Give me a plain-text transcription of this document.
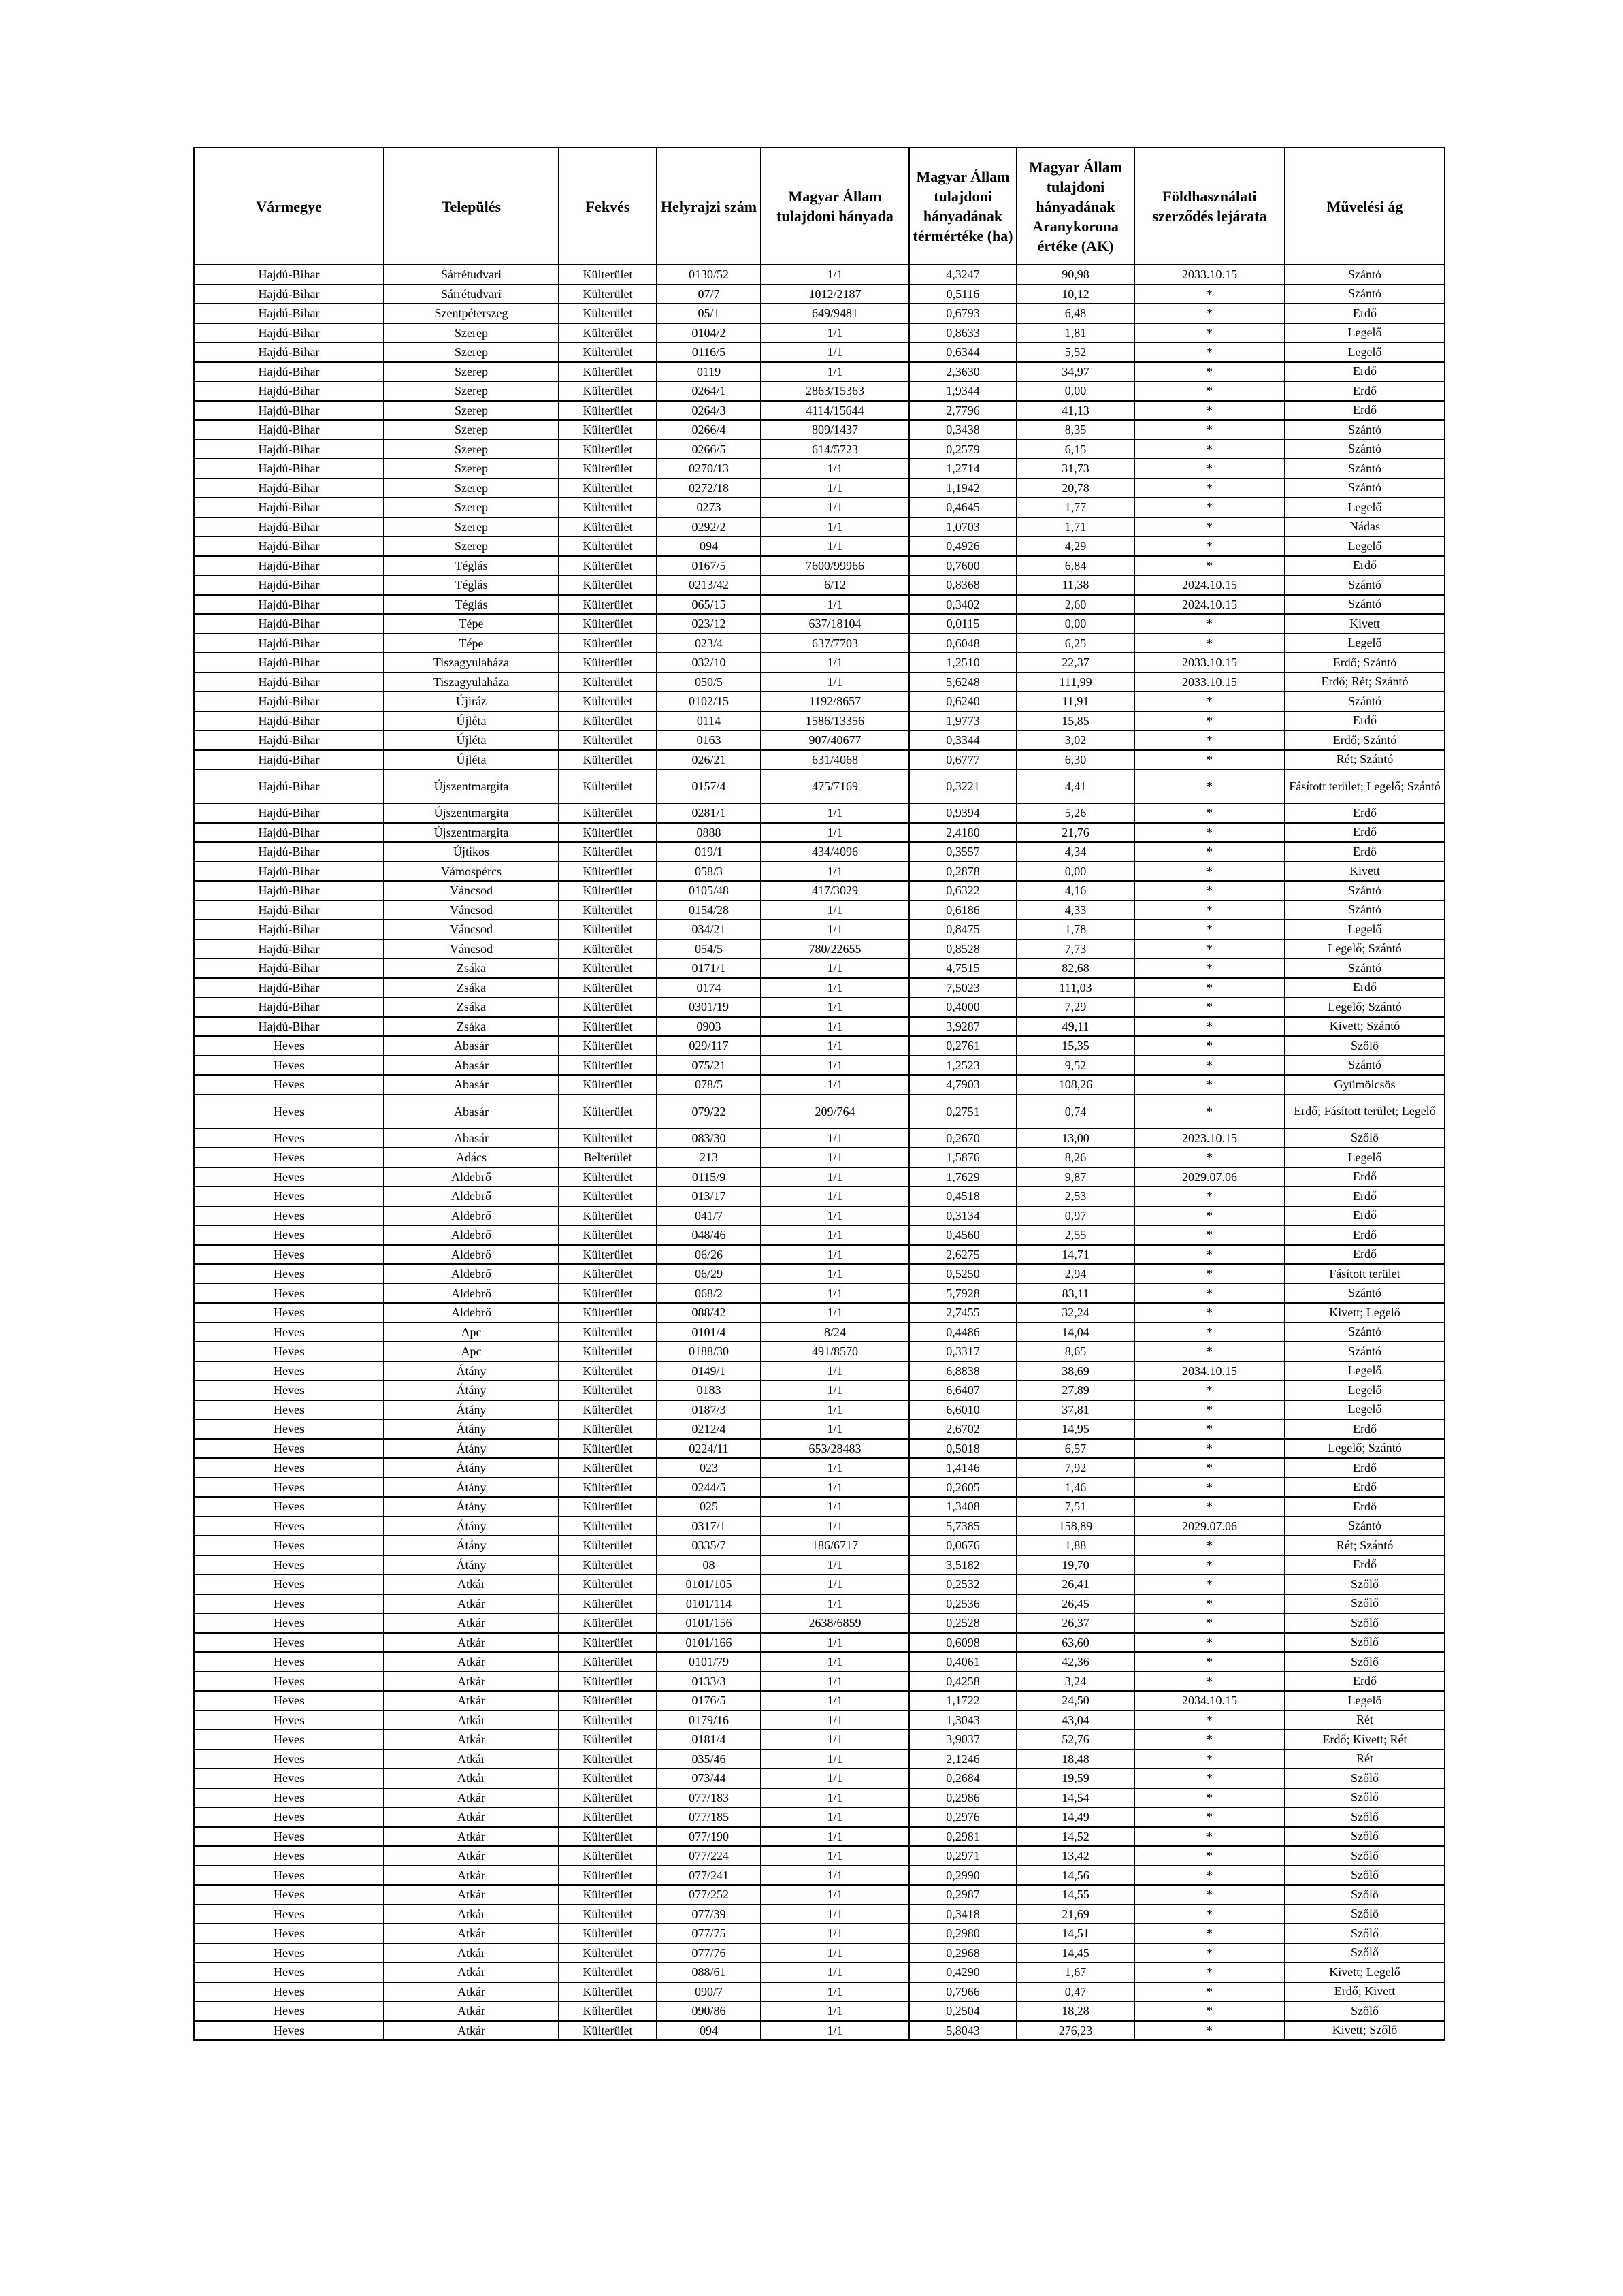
Vármegye	Település	Fekvés	Helyrajzi szám	Magyar Állam tulajdoni hányada	Magyar Állam tulajdoni hányadának térmértéke (ha)	Magyar Állam tulajdoni hányadának Aranykorona értéke (AK)	Földhasználati szerződés lejárata	Művelési ág
Hajdú-Bihar	Sárrétudvari	Külterület	0130/52	1/1	4,3247	90,98	2033.10.15	Szántó
Hajdú-Bihar	Sárrétudvari	Külterület	07/7	1012/2187	0,5116	10,12	*	Szántó
Hajdú-Bihar	Szentpéterszeg	Külterület	05/1	649/9481	0,6793	6,48	*	Erdő
Hajdú-Bihar	Szerep	Külterület	0104/2	1/1	0,8633	1,81	*	Legelő
Hajdú-Bihar	Szerep	Külterület	0116/5	1/1	0,6344	5,52	*	Legelő
Hajdú-Bihar	Szerep	Külterület	0119	1/1	2,3630	34,97	*	Erdő
Hajdú-Bihar	Szerep	Külterület	0264/1	2863/15363	1,9344	0,00	*	Erdő
Hajdú-Bihar	Szerep	Külterület	0264/3	4114/15644	2,7796	41,13	*	Erdő
Hajdú-Bihar	Szerep	Külterület	0266/4	809/1437	0,3438	8,35	*	Szántó
Hajdú-Bihar	Szerep	Külterület	0266/5	614/5723	0,2579	6,15	*	Szántó
Hajdú-Bihar	Szerep	Külterület	0270/13	1/1	1,2714	31,73	*	Szántó
Hajdú-Bihar	Szerep	Külterület	0272/18	1/1	1,1942	20,78	*	Szántó
Hajdú-Bihar	Szerep	Külterület	0273	1/1	0,4645	1,77	*	Legelő
Hajdú-Bihar	Szerep	Külterület	0292/2	1/1	1,0703	1,71	*	Nádas
Hajdú-Bihar	Szerep	Külterület	094	1/1	0,4926	4,29	*	Legelő
Hajdú-Bihar	Téglás	Külterület	0167/5	7600/99966	0,7600	6,84	*	Erdő
Hajdú-Bihar	Téglás	Külterület	0213/42	6/12	0,8368	11,38	2024.10.15	Szántó
Hajdú-Bihar	Téglás	Külterület	065/15	1/1	0,3402	2,60	2024.10.15	Szántó
Hajdú-Bihar	Tépe	Külterület	023/12	637/18104	0,0115	0,00	*	Kivett
Hajdú-Bihar	Tépe	Külterület	023/4	637/7703	0,6048	6,25	*	Legelő
Hajdú-Bihar	Tiszagyulaháza	Külterület	032/10	1/1	1,2510	22,37	2033.10.15	Erdő; Szántó
Hajdú-Bihar	Tiszagyulaháza	Külterület	050/5	1/1	5,6248	111,99	2033.10.15	Erdő; Rét; Szántó
Hajdú-Bihar	Újiráz	Külterület	0102/15	1192/8657	0,6240	11,91	*	Szántó
Hajdú-Bihar	Újléta	Külterület	0114	1586/13356	1,9773	15,85	*	Erdő
Hajdú-Bihar	Újléta	Külterület	0163	907/40677	0,3344	3,02	*	Erdő; Szántó
Hajdú-Bihar	Újléta	Külterület	026/21	631/4068	0,6777	6,30	*	Rét; Szántó
Hajdú-Bihar	Újszentmargita	Külterület	0157/4	475/7169	0,3221	4,41	*	Fásított terület; Legelő; Szántó
Hajdú-Bihar	Újszentmargita	Külterület	0281/1	1/1	0,9394	5,26	*	Erdő
Hajdú-Bihar	Újszentmargita	Külterület	0888	1/1	2,4180	21,76	*	Erdő
Hajdú-Bihar	Újtikos	Külterület	019/1	434/4096	0,3557	4,34	*	Erdő
Hajdú-Bihar	Vámospércs	Külterület	058/3	1/1	0,2878	0,00	*	Kivett
Hajdú-Bihar	Váncsod	Külterület	0105/48	417/3029	0,6322	4,16	*	Szántó
Hajdú-Bihar	Váncsod	Külterület	0154/28	1/1	0,6186	4,33	*	Szántó
Hajdú-Bihar	Váncsod	Külterület	034/21	1/1	0,8475	1,78	*	Legelő
Hajdú-Bihar	Váncsod	Külterület	054/5	780/22655	0,8528	7,73	*	Legelő; Szántó
Hajdú-Bihar	Zsáka	Külterület	0171/1	1/1	4,7515	82,68	*	Szántó
Hajdú-Bihar	Zsáka	Külterület	0174	1/1	7,5023	111,03	*	Erdő
Hajdú-Bihar	Zsáka	Külterület	0301/19	1/1	0,4000	7,29	*	Legelő; Szántó
Hajdú-Bihar	Zsáka	Külterület	0903	1/1	3,9287	49,11	*	Kivett; Szántó
Heves	Abasár	Külterület	029/117	1/1	0,2761	15,35	*	Szőlő
Heves	Abasár	Külterület	075/21	1/1	1,2523	9,52	*	Szántó
Heves	Abasár	Külterület	078/5	1/1	4,7903	108,26	*	Gyümölcsös
Heves	Abasár	Külterület	079/22	209/764	0,2751	0,74	*	Erdő; Fásított terület; Legelő
Heves	Abasár	Külterület	083/30	1/1	0,2670	13,00	2023.10.15	Szőlő
Heves	Adács	Belterület	213	1/1	1,5876	8,26	*	Legelő
Heves	Aldebrő	Külterület	0115/9	1/1	1,7629	9,87	2029.07.06	Erdő
Heves	Aldebrő	Külterület	013/17	1/1	0,4518	2,53	*	Erdő
Heves	Aldebrő	Külterület	041/7	1/1	0,3134	0,97	*	Erdő
Heves	Aldebrő	Külterület	048/46	1/1	0,4560	2,55	*	Erdő
Heves	Aldebrő	Külterület	06/26	1/1	2,6275	14,71	*	Erdő
Heves	Aldebrő	Külterület	06/29	1/1	0,5250	2,94	*	Fásított terület
Heves	Aldebrő	Külterület	068/2	1/1	5,7928	83,11	*	Szántó
Heves	Aldebrő	Külterület	088/42	1/1	2,7455	32,24	*	Kivett; Legelő
Heves	Apc	Külterület	0101/4	8/24	0,4486	14,04	*	Szántó
Heves	Apc	Külterület	0188/30	491/8570	0,3317	8,65	*	Szántó
Heves	Átány	Külterület	0149/1	1/1	6,8838	38,69	2034.10.15	Legelő
Heves	Átány	Külterület	0183	1/1	6,6407	27,89	*	Legelő
Heves	Átány	Külterület	0187/3	1/1	6,6010	37,81	*	Legelő
Heves	Átány	Külterület	0212/4	1/1	2,6702	14,95	*	Erdő
Heves	Átány	Külterület	0224/11	653/28483	0,5018	6,57	*	Legelő; Szántó
Heves	Átány	Külterület	023	1/1	1,4146	7,92	*	Erdő
Heves	Átány	Külterület	0244/5	1/1	0,2605	1,46	*	Erdő
Heves	Átány	Külterület	025	1/1	1,3408	7,51	*	Erdő
Heves	Átány	Külterület	0317/1	1/1	5,7385	158,89	2029.07.06	Szántó
Heves	Átány	Külterület	0335/7	186/6717	0,0676	1,88	*	Rét; Szántó
Heves	Átány	Külterület	08	1/1	3,5182	19,70	*	Erdő
Heves	Atkár	Külterület	0101/105	1/1	0,2532	26,41	*	Szőlő
Heves	Atkár	Külterület	0101/114	1/1	0,2536	26,45	*	Szőlő
Heves	Atkár	Külterület	0101/156	2638/6859	0,2528	26,37	*	Szőlő
Heves	Atkár	Külterület	0101/166	1/1	0,6098	63,60	*	Szőlő
Heves	Atkár	Külterület	0101/79	1/1	0,4061	42,36	*	Szőlő
Heves	Atkár	Külterület	0133/3	1/1	0,4258	3,24	*	Erdő
Heves	Atkár	Külterület	0176/5	1/1	1,1722	24,50	2034.10.15	Legelő
Heves	Atkár	Külterület	0179/16	1/1	1,3043	43,04	*	Rét
Heves	Atkár	Külterület	0181/4	1/1	3,9037	52,76	*	Erdő; Kivett; Rét
Heves	Atkár	Külterület	035/46	1/1	2,1246	18,48	*	Rét
Heves	Atkár	Külterület	073/44	1/1	0,2684	19,59	*	Szőlő
Heves	Atkár	Külterület	077/183	1/1	0,2986	14,54	*	Szőlő
Heves	Atkár	Külterület	077/185	1/1	0,2976	14,49	*	Szőlő
Heves	Atkár	Külterület	077/190	1/1	0,2981	14,52	*	Szőlő
Heves	Atkár	Külterület	077/224	1/1	0,2971	13,42	*	Szőlő
Heves	Atkár	Külterület	077/241	1/1	0,2990	14,56	*	Szőlő
Heves	Atkár	Külterület	077/252	1/1	0,2987	14,55	*	Szőlő
Heves	Atkár	Külterület	077/39	1/1	0,3418	21,69	*	Szőlő
Heves	Atkár	Külterület	077/75	1/1	0,2980	14,51	*	Szőlő
Heves	Atkár	Külterület	077/76	1/1	0,2968	14,45	*	Szőlő
Heves	Atkár	Külterület	088/61	1/1	0,4290	1,67	*	Kivett; Legelő
Heves	Atkár	Külterület	090/7	1/1	0,7966	0,47	*	Erdő; Kivett
Heves	Atkár	Külterület	090/86	1/1	0,2504	18,28	*	Szőlő
Heves	Atkár	Külterület	094	1/1	5,8043	276,23	*	Kivett; Szőlő
